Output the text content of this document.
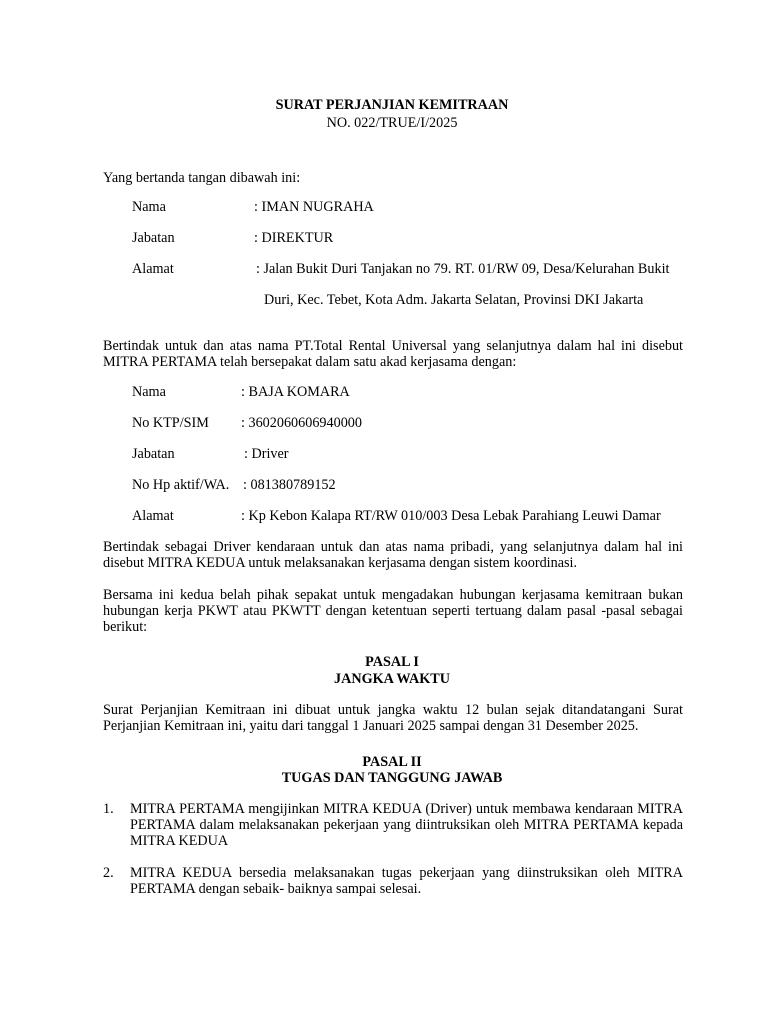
SURAT PERJANJIAN KEMITRAAN
NO. 022/TRUE/I/2025
Yang bertanda tangan dibawah ini:
Nama	: IMAN NUGRAHA
Jabatan	: DIREKTUR
Alamat	: Jalan Bukit Duri Tanjakan no 79. RT. 01/RW 09, Desa/Kelurahan Bukit
Duri, Kec. Tebet, Kota Adm. Jakarta Selatan, Provinsi DKI Jakarta
Bertindak untuk dan atas nama PT.Total Rental Universal yang selanjutnya dalam hal ini disebut MITRA PERTAMA telah bersepakat dalam satu akad kerjasama dengan:
Nama	: BAJA KOMARA
No KTP/SIM : 3602060606940000
Jabatan	: Driver
No Hp aktif/WA. : 081380789152
Alamat	: Kp Kebon Kalapa RT/RW 010/003 Desa Lebak Parahiang Leuwi Damar
Bertindak sebagai Driver kendaraan untuk dan atas nama pribadi, yang selanjutnya dalam hal ini disebut MITRA KEDUA untuk melaksanakan kerjasama dengan sistem koordinasi.
Bersama ini kedua belah pihak sepakat untuk mengadakan hubungan kerjasama kemitraan bukan hubungan kerja PKWT atau PKWTT dengan ketentuan seperti tertuang dalam pasal -pasal sebagai berikut:
PASAL I
JANGKA WAKTU
Surat Perjanjian Kemitraan ini dibuat untuk jangka waktu 12 bulan sejak ditandatangani Surat Perjanjian Kemitraan ini, yaitu dari tanggal 1 Januari 2025 sampai dengan 31 Desember 2025.
PASAL II
TUGAS DAN TANGGUNG JAWAB
1. MITRA PERTAMA mengijinkan MITRA KEDUA (Driver) untuk membawa kendaraan MITRA PERTAMA dalam melaksanakan pekerjaan yang diintruksikan oleh MITRA PERTAMA kepada MITRA KEDUA
2. MITRA KEDUA bersedia melaksanakan tugas pekerjaan yang diinstruksikan oleh MITRA PERTAMA dengan sebaik- baiknya sampai selesai.
